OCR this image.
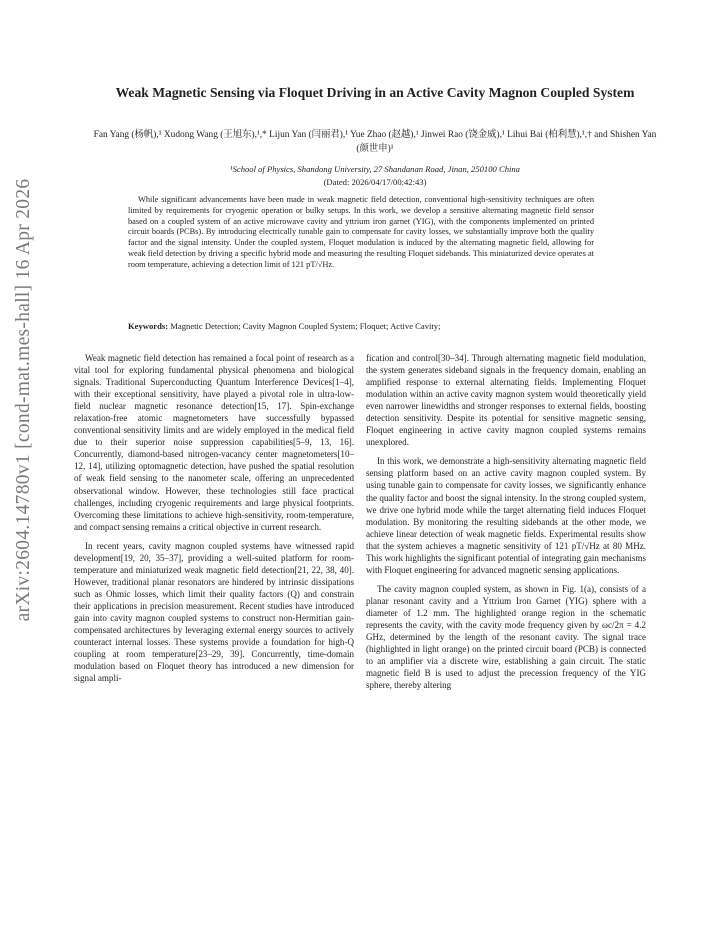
arXiv:2604.14780v1 [cond-mat.mes-hall] 16 Apr 2026
Weak Magnetic Sensing via Floquet Driving in an Active Cavity Magnon Coupled System
Fan Yang (杨帆),¹ Xudong Wang (王旭东),¹,* Lijun Yan (闫丽君),¹ Yue Zhao (赵越),¹ Jinwei Rao (饶金威),¹ Lihui Bai (柏利慧),¹,† and Shishen Yan (颜世申)¹
¹School of Physics, Shandong University, 27 Shandanan Road, Jinan, 250100 China
(Dated: 2026/04/17/00:42:43)

While significant advancements have been made in weak magnetic field detection, conventional high-sensitivity techniques are often limited by requirements for cryogenic operation or bulky setups. In this work, we develop a sensitive alternating magnetic field sensor based on a coupled system of an active microwave cavity and yttrium iron garnet (YIG), with the components implemented on printed circuit boards (PCBs). By introducing electrically tunable gain to compensate for cavity losses, we substantially improve both the quality factor and the signal intensity. Under the coupled system, Floquet modulation is induced by the alternating magnetic field, allowing for weak field detection by driving a specific hybrid mode and measuring the resulting Floquet sidebands. This miniaturized device operates at room temperature, achieving a detection limit of 121 pT/√Hz.

Keywords: Magnetic Detection; Cavity Magnon Coupled System; Floquet; Active Cavity;

Weak magnetic field detection has remained a focal point of research as a vital tool for exploring fundamental physical phenomena and biological signals. Traditional Superconducting Quantum Interference Devices[1–4], with their exceptional sensitivity, have played a pivotal role in ultra-low-field nuclear magnetic resonance detection[15, 17]. Spin-exchange relaxation-free atomic magnetometers have successfully bypassed conventional sensitivity limits and are widely employed in the medical field due to their superior noise suppression capabilities[5–9, 13, 16]. Concurrently, diamond-based nitrogen-vacancy center magnetometers[10–12, 14], utilizing optomagnetic detection, have pushed the spatial resolution of weak field sensing to the nanometer scale, offering an unprecedented observational window. However, these technologies still face practical challenges, including cryogenic requirements and large physical footprints. Overcoming these limitations to achieve high-sensitivity, room-temperature, and compact sensing remains a critical objective in current research.

In recent years, cavity magnon coupled systems have witnessed rapid development[19, 20, 35–37], providing a well-suited platform for room-temperature and miniaturized weak magnetic field detection[21, 22, 38, 40]. However, traditional planar resonators are hindered by intrinsic dissipations such as Ohmic losses, which limit their quality factors (Q) and constrain their applications in precision measurement. Recent studies have introduced gain into cavity magnon coupled systems to construct non-Hermitian gain-compensated architectures by leveraging external energy sources to actively counteract internal losses. These systems provide a foundation for high-Q coupling at room temperature[23–29, 39]. Concurrently, time-domain modulation based on Floquet theory has introduced a new dimension for signal ampli-

fication and control[30–34]. Through alternating magnetic field modulation, the system generates sideband signals in the frequency domain, enabling an amplified response to external alternating fields. Implementing Floquet modulation within an active cavity magnon system would theoretically yield even narrower linewidths and stronger responses to external fields, boosting detection sensitivity. Despite its potential for sensitive magnetic sensing, Floquet engineering in active cavity magnon coupled systems remains unexplored.

In this work, we demonstrate a high-sensitivity alternating magnetic field sensing platform based on an active cavity magnon coupled system. By using tunable gain to compensate for cavity losses, we significantly enhance the quality factor and boost the signal intensity. In the strong coupled system, we drive one hybrid mode while the target alternating field induces Floquet modulation. By monitoring the resulting sidebands at the other mode, we achieve linear detection of weak magnetic fields. Experimental results show that the system achieves a magnetic sensitivity of 121 pT/√Hz at 80 MHz. This work highlights the significant potential of integrating gain mechanisms with Floquet engineering for advanced magnetic sensing applications.

The cavity magnon coupled system, as shown in Fig. 1(a), consists of a planar resonant cavity and a Yttrium Iron Garnet (YIG) sphere with a diameter of 1.2 mm. The highlighted orange region in the schematic represents the cavity, with the cavity mode frequency given by ωc/2π = 4.2 GHz, determined by the length of the resonant cavity. The signal trace (highlighted in light orange) on the printed circuit board (PCB) is connected to an amplifier via a discrete wire, establishing a gain circuit. The static magnetic field B is used to adjust the precession frequency of the YIG sphere, thereby altering
